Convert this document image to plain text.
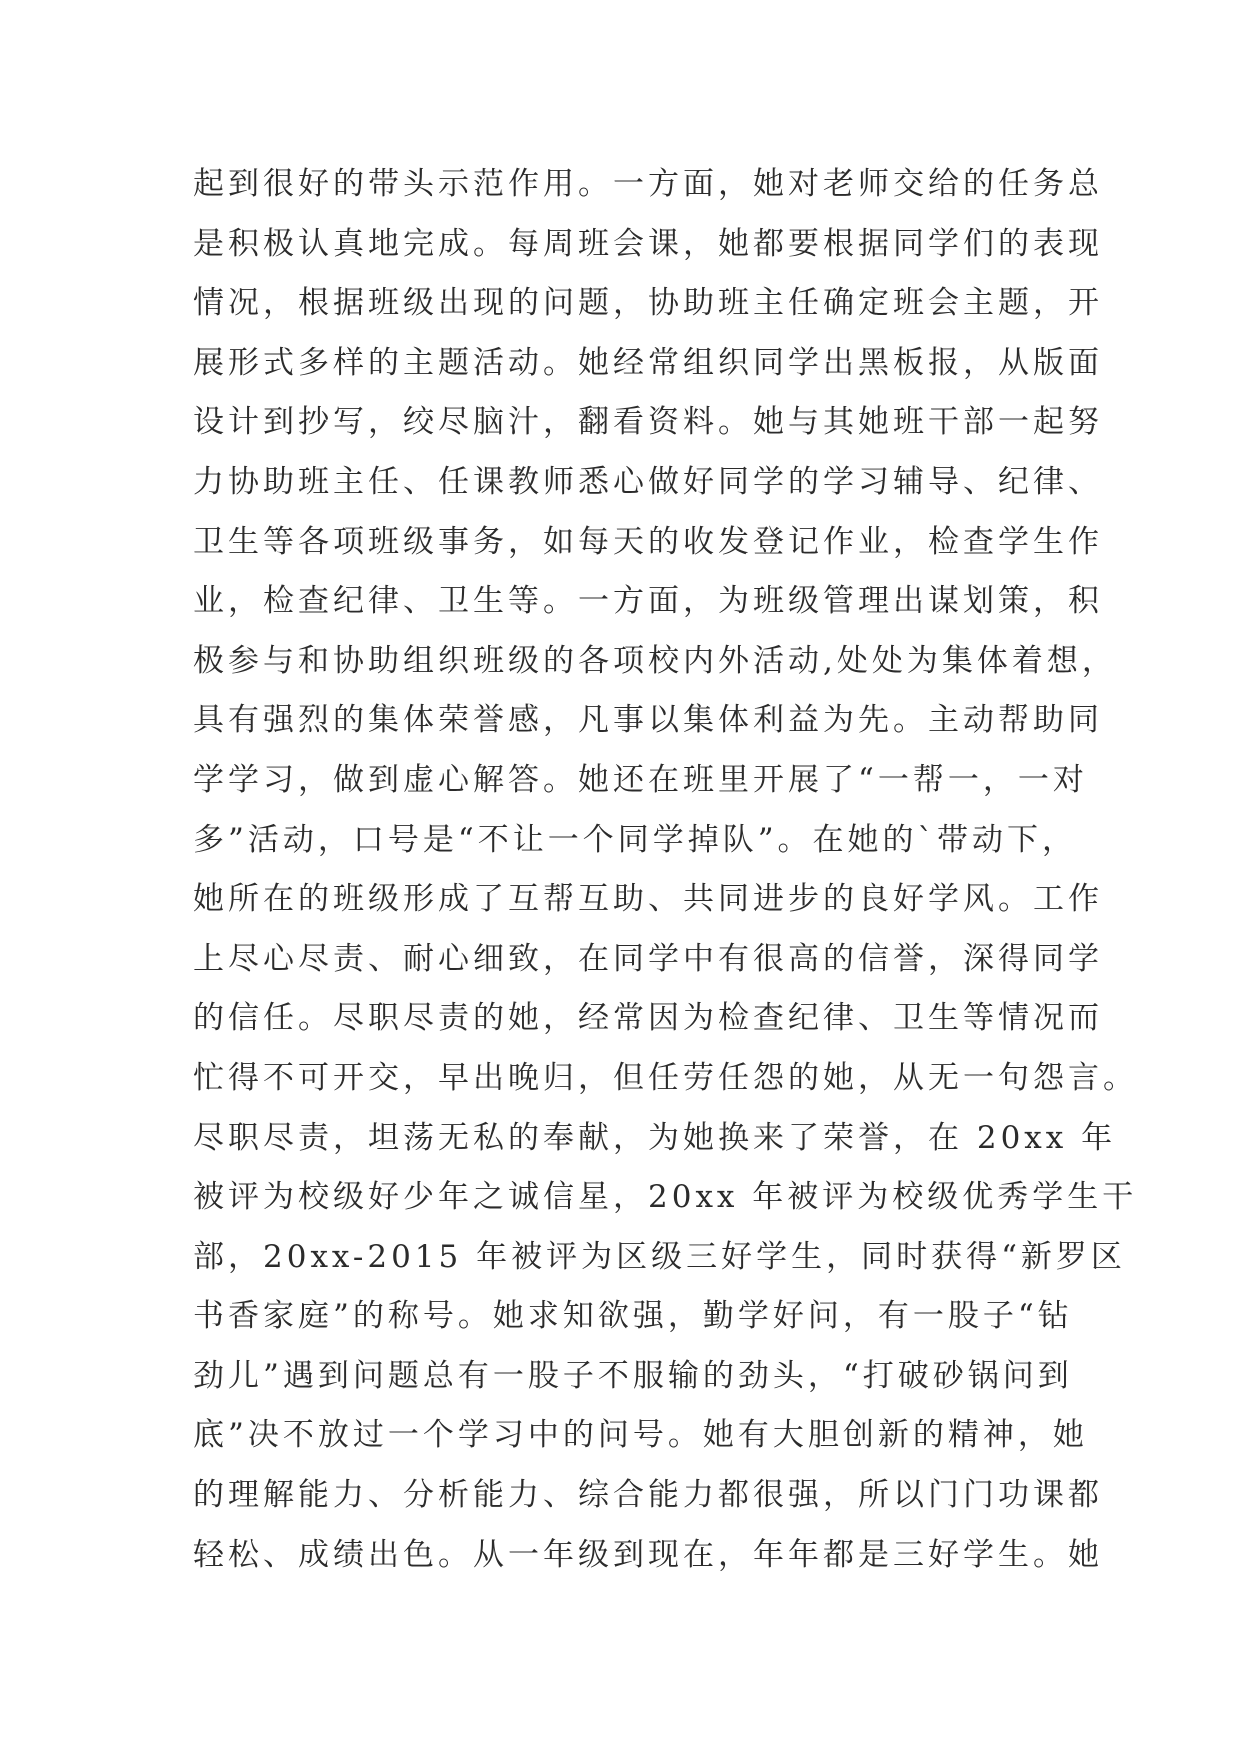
起到很好的带头示范作用。一方面，她对老师交给的任务总
是积极认真地完成。每周班会课，她都要根据同学们的表现
情况，根据班级出现的问题，协助班主任确定班会主题，开
展形式多样的主题活动。她经常组织同学出黑板报，从版面
设计到抄写，绞尽脑汁，翻看资料。她与其她班干部一起努
力协助班主任、任课教师悉心做好同学的学习辅导、纪律、
卫生等各项班级事务，如每天的收发登记作业，检查学生作
业，检查纪律、卫生等。一方面，为班级管理出谋划策，积
极参与和协助组织班级的各项校内外活动,处处为集体着想，
具有强烈的集体荣誉感，凡事以集体利益为先。主动帮助同
学学习，做到虚心解答。她还在班里开展了“一帮一，一对
多”活动，口号是“不让一个同学掉队”。在她的`带动下，
她所在的班级形成了互帮互助、共同进步的良好学风。工作
上尽心尽责、耐心细致，在同学中有很高的信誉，深得同学
的信任。尽职尽责的她，经常因为检查纪律、卫生等情况而
忙得不可开交，早出晚归，但任劳任怨的她，从无一句怨言。
尽职尽责，坦荡无私的奉献，为她换来了荣誉，在 20xx 年
被评为校级好少年之诚信星，20xx 年被评为校级优秀学生干
部，20xx-2015 年被评为区级三好学生，同时获得“新罗区
书香家庭”的称号。她求知欲强，勤学好问，有一股子“钻
劲儿”遇到问题总有一股子不服输的劲头，“打破砂锅问到
底”决不放过一个学习中的问号。她有大胆创新的精神，她
的理解能力、分析能力、综合能力都很强，所以门门功课都
轻松、成绩出色。从一年级到现在，年年都是三好学生。她
